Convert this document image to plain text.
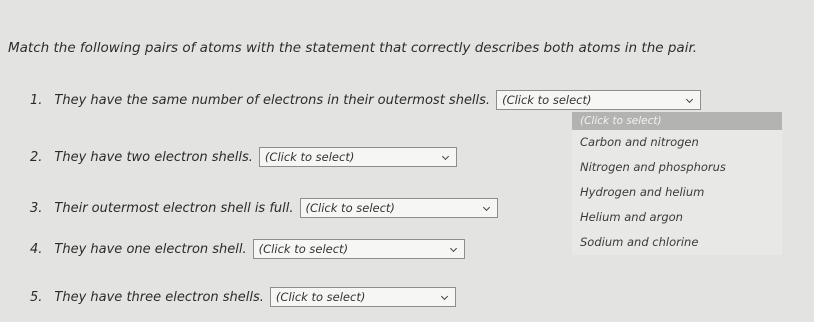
Match the following pairs of atoms with the statement that correctly describes both atoms in the pair.
1. They have the same number of electrons in their outermost shells. (Click to select)
2. They have two electron shells. (Click to select)
3. Their outermost electron shell is full. (Click to select)
4. They have one electron shell. (Click to select)
5. They have three electron shells. (Click to select)
(Click to select)
Carbon and nitrogen
Nitrogen and phosphorus
Hydrogen and helium
Helium and argon
Sodium and chlorine
